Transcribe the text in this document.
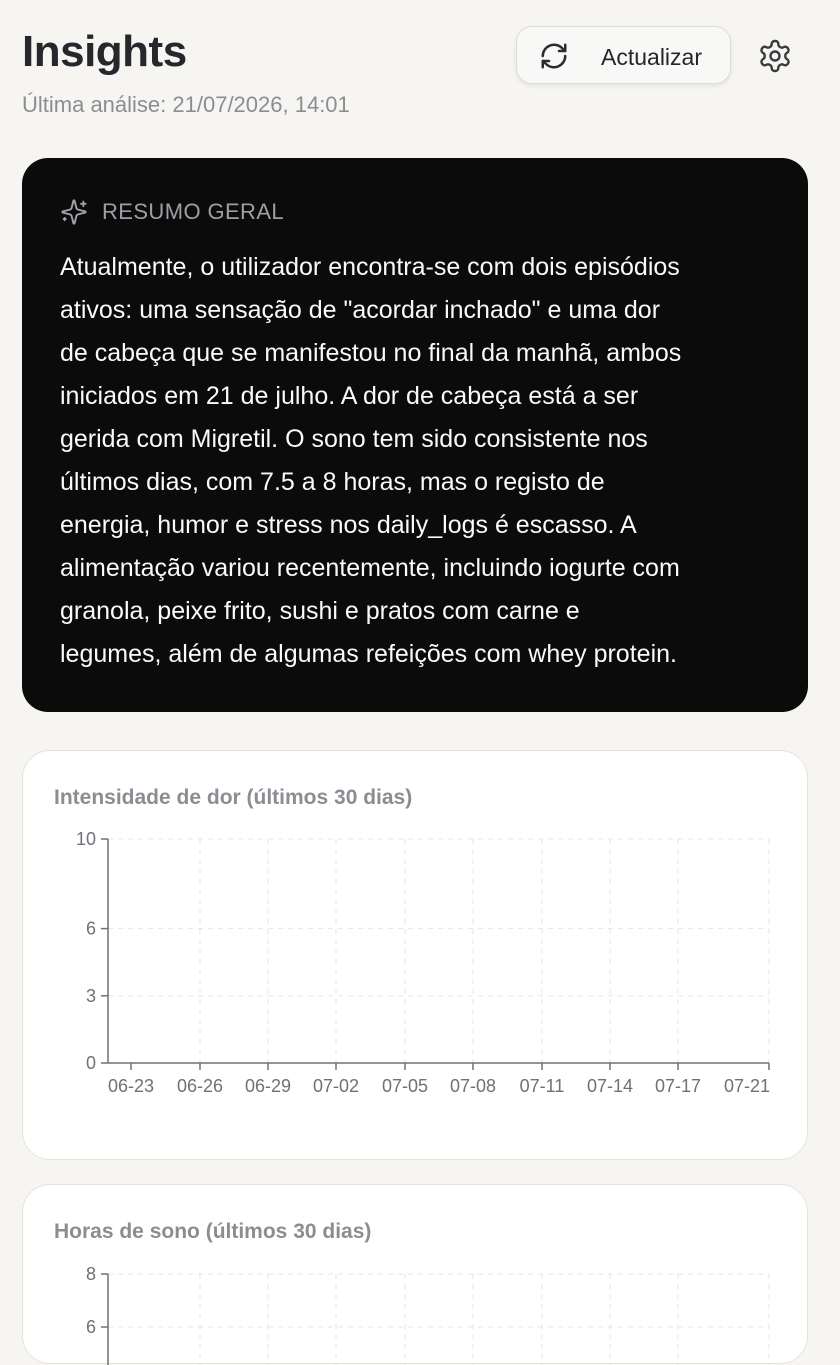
Insights
Última análise: 21/07/2026, 14:01
Actualizar
RESUMO GERAL
Atualmente, o utilizador encontra-se com dois episódios
ativos: uma sensação de "acordar inchado" e uma dor
de cabeça que se manifestou no final da manhã, ambos
iniciados em 21 de julho. A dor de cabeça está a ser
gerida com Migretil. O sono tem sido consistente nos
últimos dias, com 7.5 a 8 horas, mas o registo de
energia, humor e stress nos daily_logs é escasso. A
alimentação variou recentemente, incluindo iogurte com
granola, peixe frito, sushi e pratos com carne e
legumes, além de algumas refeições com whey protein.
Intensidade de dor (últimos 30 dias)
0
3
6
10
06-23 06-26 06-29 07-02 07-05 07-08 07-11 07-14 07-17 07-21
Horas de sono (últimos 30 dias)
6
8
